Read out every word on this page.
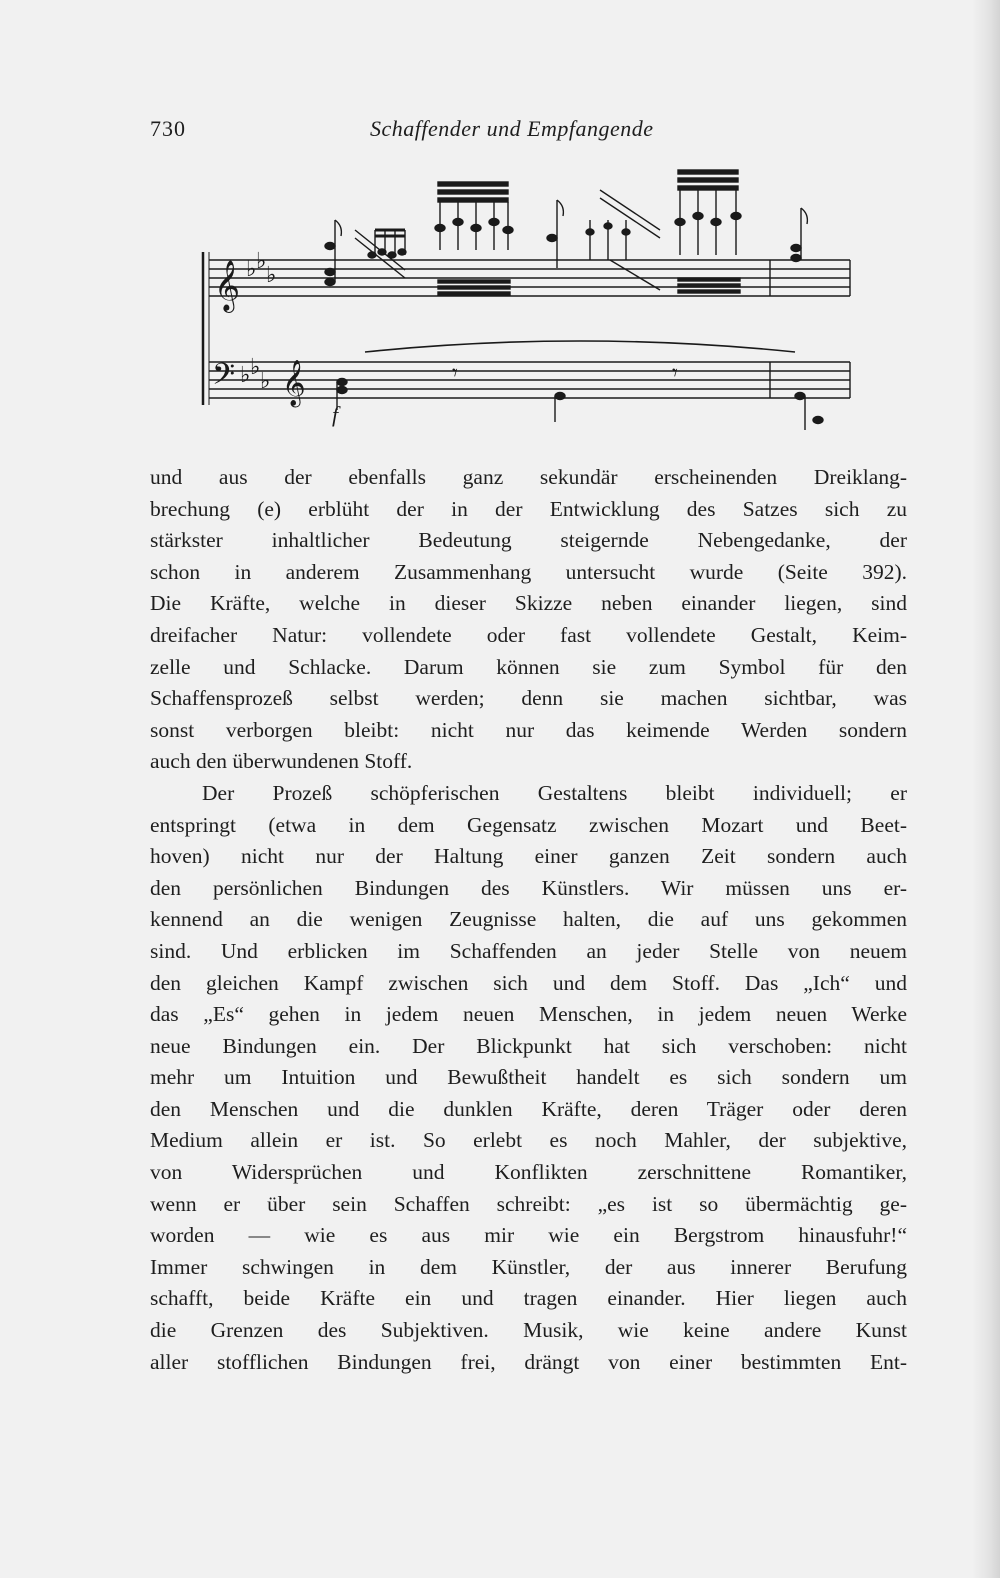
730	Schaffender und Empfangende
𝄞 ♭ ♭
♭
𝄢 ♭ ♭
♭ 𝄞	𝄾	𝄾
f

und aus der ebenfalls ganz sekundär erscheinenden Dreiklang-
brechung (e) erblüht der in der Entwicklung des Satzes sich zu
stärkster inhaltlicher Bedeutung steigernde Nebengedanke, der
schon in anderem Zusammenhang untersucht wurde (Seite 392).
Die Kräfte, welche in dieser Skizze neben einander liegen, sind
dreifacher Natur: vollendete oder fast vollendete Gestalt, Keim-
zelle und Schlacke. Darum können sie zum Symbol für den
Schaffensprozeß selbst werden; denn sie machen sichtbar, was
sonst verborgen bleibt: nicht nur das keimende Werden sondern
auch den überwundenen Stoff.

Der Prozeß schöpferischen Gestaltens bleibt individuell; er
entspringt (etwa in dem Gegensatz zwischen Mozart und Beet-
hoven) nicht nur der Haltung einer ganzen Zeit sondern auch
den persönlichen Bindungen des Künstlers. Wir müssen uns er-
kennend an die wenigen Zeugnisse halten, die auf uns gekommen
sind. Und erblicken im Schaffenden an jeder Stelle von neuem
den gleichen Kampf zwischen sich und dem Stoff. Das „Ich“ und
das „Es“ gehen in jedem neuen Menschen, in jedem neuen Werke
neue Bindungen ein. Der Blickpunkt hat sich verschoben: nicht
mehr um Intuition und Bewußtheit handelt es sich sondern um
den Menschen und die dunklen Kräfte, deren Träger oder deren
Medium allein er ist. So erlebt es noch Mahler, der subjektive,
von Widersprüchen und Konflikten zerschnittene Romantiker,
wenn er über sein Schaffen schreibt: „es ist so übermächtig ge-
worden — wie es aus mir wie ein Bergstrom hinausfuhr!“
Immer schwingen in dem Künstler, der aus innerer Berufung
schafft, beide Kräfte ein und tragen einander. Hier liegen auch
die Grenzen des Subjektiven. Musik, wie keine andere Kunst
aller stofflichen Bindungen frei, drängt von einer bestimmten Ent-
